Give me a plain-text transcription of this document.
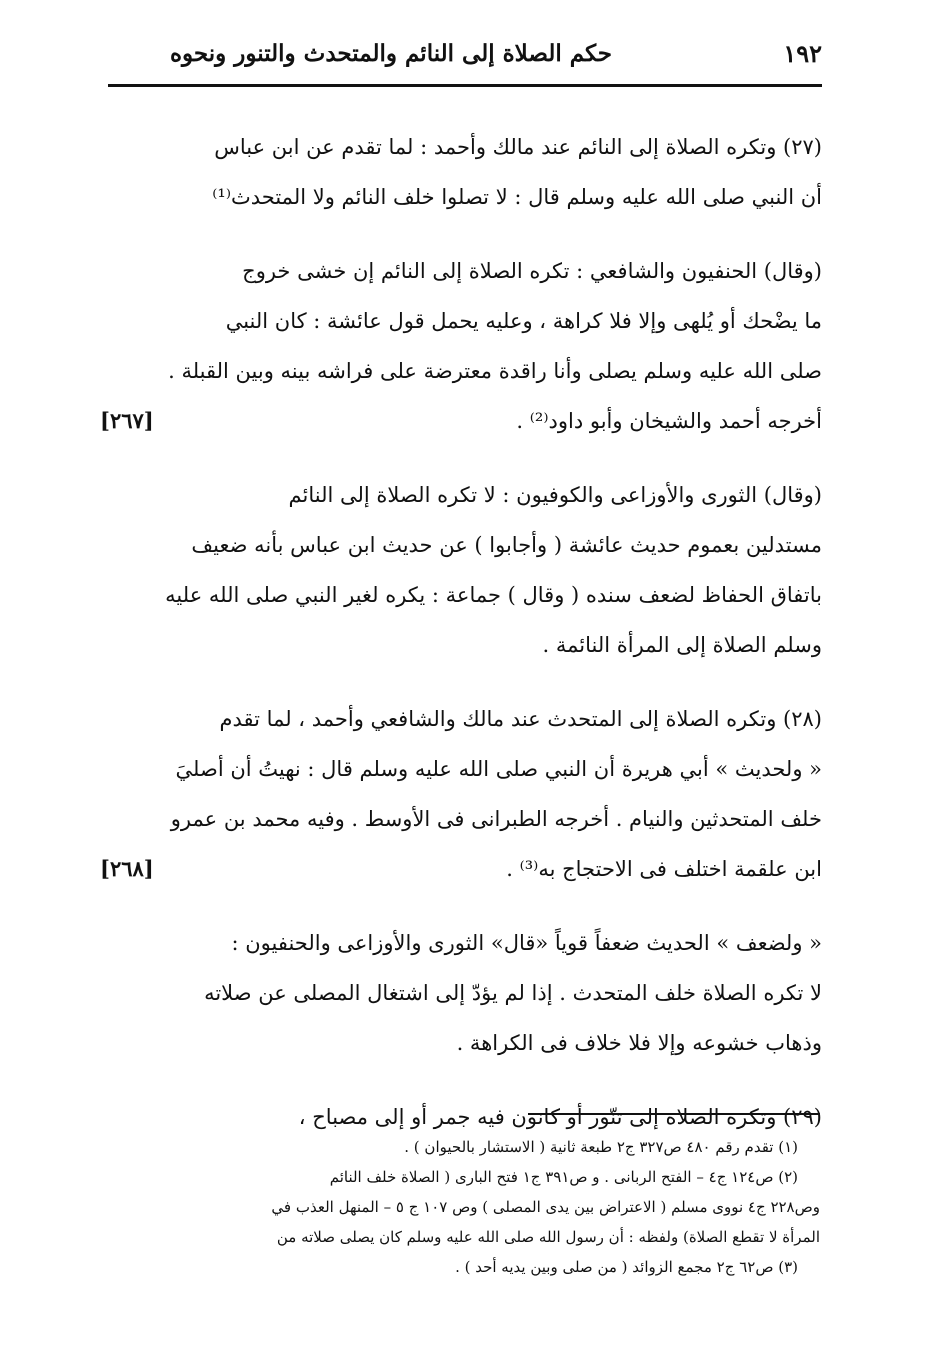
١٩٢
حكم الصلاة إلى النائم والمتحدث والتنور ونحوه
(٢٧) وتكره الصلاة إلى النائم عند مالك وأحمد : لما تقدم عن ابن عباس
أن النبي صلى الله عليه وسلم قال : لا تصلوا خلف النائم ولا المتحدث⁽¹⁾
(وقال) الحنفيون والشافعي : تكره الصلاة إلى النائم إن خشى خروج
ما يضْحك أو يُلهى وإلا فلا كراهة ، وعليه يحمل قول عائشة : كان النبي
صلى الله عليه وسلم يصلى وأنا راقدة معترضة على فراشه بينه وبين القبلة .
أخرجه أحمد والشيخان وأبو داود⁽²⁾ .
[٢٦٧]
(وقال) الثورى والأوزاعى والكوفيون : لا تكره الصلاة إلى النائم
مستدلين بعموم حديث عائشة ( وأجابوا ) عن حديث ابن عباس بأنه ضعيف
باتفاق الحفاظ لضعف سنده ( وقال ) جماعة : يكره لغير النبي صلى الله عليه
وسلم الصلاة إلى المرأة النائمة .
(٢٨) وتكره الصلاة إلى المتحدث عند مالك والشافعي وأحمد ، لما تقدم
« ولحديث » أبي هريرة أن النبي صلى الله عليه وسلم قال : نهيتُ أن أصليَ
خلف المتحدثين والنيام . أخرجه الطبرانى فى الأوسط . وفيه محمد بن عمرو
ابن علقمة اختلف فى الاحتجاج به⁽³⁾ .
[٢٦٨]
« ولضعف » الحديث ضعفاً قوياً «قال» الثورى والأوزاعى والحنفيون :
لا تكره الصلاة خلف المتحدث . إذا لم يؤدّ إلى اشتغال المصلى عن صلاته
وذهاب خشوعه وإلا فلا خلاف فى الكراهة .
(٢٩) وتكره الصلاة إلى تنّور أو كانون فيه جمر أو إلى مصباح ،
(١) تقدم رقم ٤٨٠ ص٣٢٧ ج٢ طبعة ثانية ( الاستشار بالحيوان ) .
(٢) ص١٢٤ ج٤ – الفتح الربانى . و ص٣٩١ ج١ فتح البارى ( الصلاة خلف النائم
وص٢٢٨ ج٤ نووى مسلم ( الاعتراض بين يدى المصلى ) وص ١٠٧ ج ٥ – المنهل العذب في
المرأة لا تقطع الصلاة) ولفظه : أن رسول الله صلى الله عليه وسلم كان يصلى صلاته من
(٣) ص٦٢ ج٢ مجمع الزوائد ( من صلى وبين يديه أحد ) .
